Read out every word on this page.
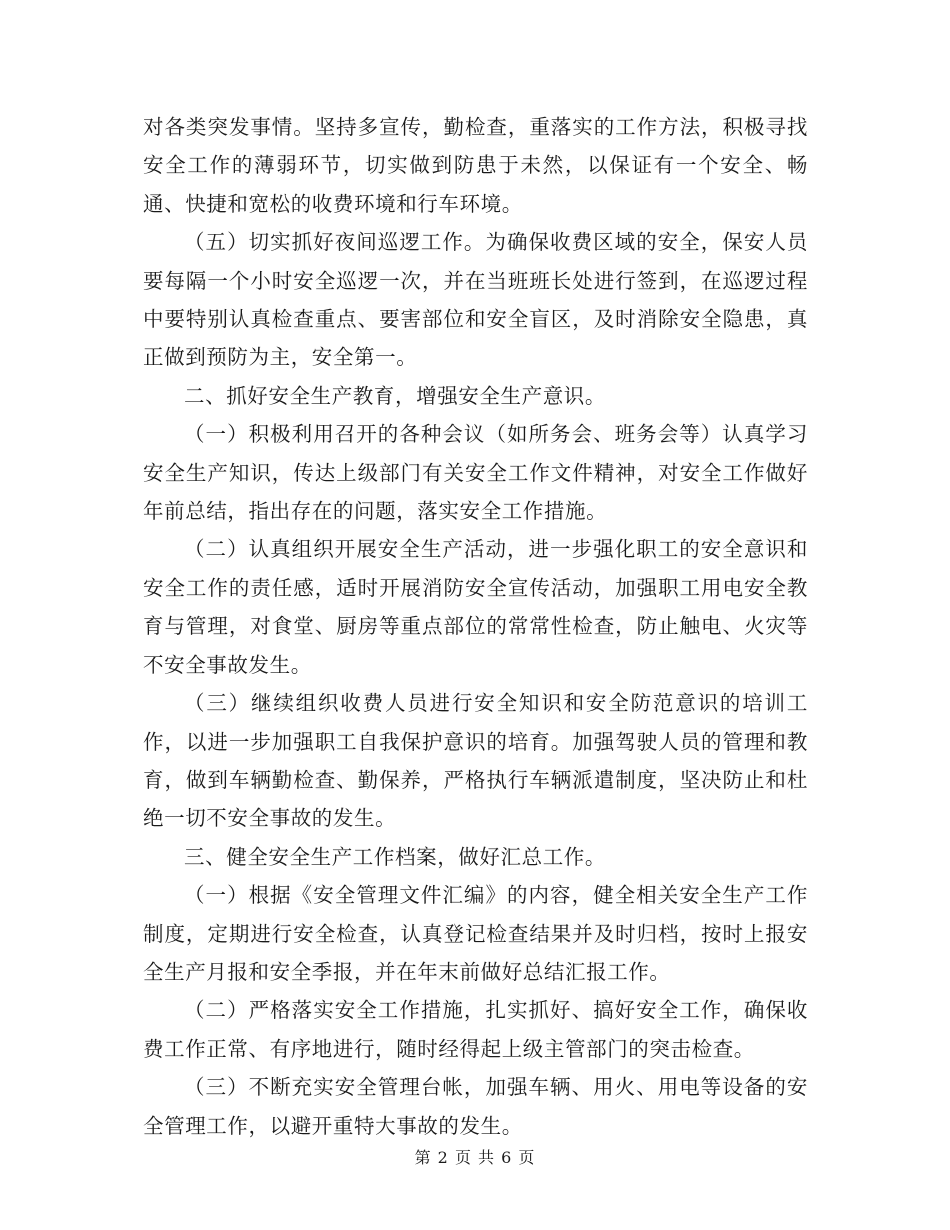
对各类突发事情。坚持多宣传，勤检查，重落实的工作方法，积极寻找安全工作的薄弱环节，切实做到防患于未然，以保证有一个安全、畅通、快捷和宽松的收费环境和行车环境。

（五）切实抓好夜间巡逻工作。为确保收费区域的安全，保安人员要每隔一个小时安全巡逻一次，并在当班班长处进行签到，在巡逻过程中要特别认真检查重点、要害部位和安全盲区，及时消除安全隐患，真正做到预防为主，安全第一。

二、抓好安全生产教育，增强安全生产意识。

（一）积极利用召开的各种会议（如所务会、班务会等）认真学习安全生产知识，传达上级部门有关安全工作文件精神，对安全工作做好年前总结，指出存在的问题，落实安全工作措施。

（二）认真组织开展安全生产活动，进一步强化职工的安全意识和安全工作的责任感，适时开展消防安全宣传活动，加强职工用电安全教育与管理，对食堂、厨房等重点部位的常常性检查，防止触电、火灾等不安全事故发生。

（三）继续组织收费人员进行安全知识和安全防范意识的培训工作，以进一步加强职工自我保护意识的培育。加强驾驶人员的管理和教育，做到车辆勤检查、勤保养，严格执行车辆派遣制度，坚决防止和杜绝一切不安全事故的发生。

三、健全安全生产工作档案，做好汇总工作。

（一）根据《安全管理文件汇编》的内容，健全相关安全生产工作制度，定期进行安全检查，认真登记检查结果并及时归档，按时上报安全生产月报和安全季报，并在年末前做好总结汇报工作。

（二）严格落实安全工作措施，扎实抓好、搞好安全工作，确保收费工作正常、有序地进行，随时经得起上级主管部门的突击检查。

（三）不断充实安全管理台帐，加强车辆、用火、用电等设备的安全管理工作，以避开重特大事故的发生。

第 2 页 共 6 页
